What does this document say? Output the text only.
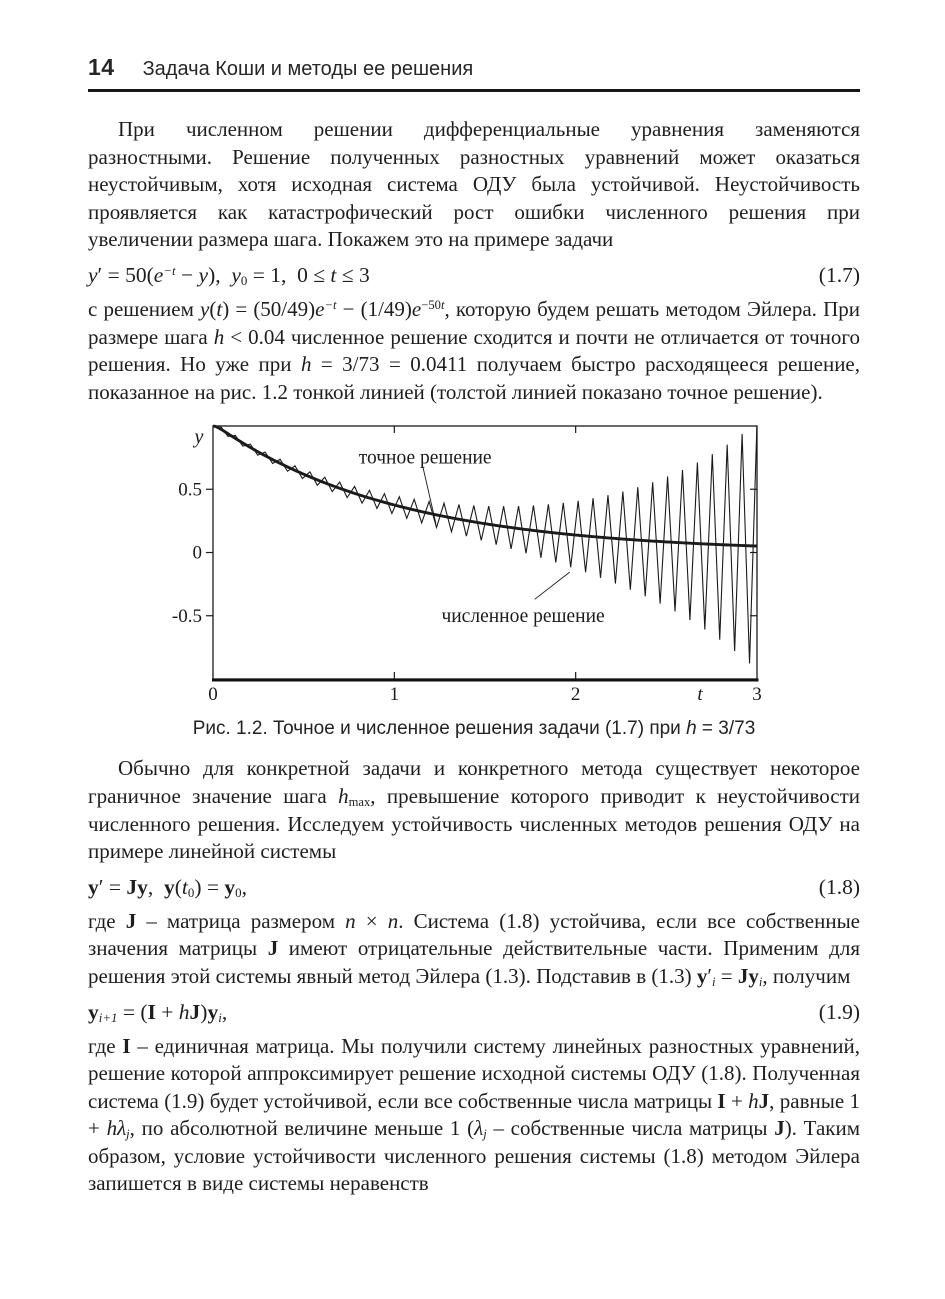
14 Задача Коши и методы ее решения

При численном решении дифференциальные уравнения заменяются разностными. Решение полученных разностных уравнений может оказаться неустойчивым, хотя исходная система ОДУ была устойчивой. Неустойчивость проявляется как катастрофический рост ошибки численного решения при увеличении размера шага. Покажем это на примере задачи

$y' = 50(e^{-t} - y)$,  $y_0 = 1$,  0 ≤ t ≤ 3	(1.7)

с решением $y(t) = (50/49)e^{-t} - (1/49)e^{-50t}$, которую будем решать методом Эйлера. При размере шага h < 0.04 численное решение сходится и почти не отличается от точного решения. Но уже при h = 3/73 = 0.0411 получаем быстро расходящееся решение, показанное на рис. 1.2 тонкой линией (толстой линией показано точное решение).

0	1	2	3
0.5
0
-0.5
y
t
точное решение
численное решение
Рис. 1.2. Точное и численное решения задачи (1.7) при h = 3/73

Обычно для конкретной задачи и конкретного метода существует некоторое граничное значение шага $h_{max}$, превышение которого приводит к неустойчивости численного решения. Исследуем устойчивость численных методов решения ОДУ на примере линейной системы

y′ = Jy,  $y(t_0) = y_0$,	(1.8)

где J – матрица размером n × n. Система (1.8) устойчива, если все собственные значения матрицы J имеют отрицательные действительные части. Применим для решения этой системы явный метод Эйлера (1.3). Подставив в (1.3) $y'_i = Jy_i$, получим

$y_{i+1} = (I + hJ)y_i$,	(1.9)

где I – единичная матрица. Мы получили систему линейных разностных уравнений, решение которой аппроксимирует решение исходной системы ОДУ (1.8). Полученная система (1.9) будет устойчивой, если все собственные числа матрицы I + hJ, равные $1 + h\lambda_j$, по абсолютной величине меньше 1 ($\lambda_j$ – собственные числа матрицы J). Таким образом, условие устойчивости численного решения системы (1.8) методом Эйлера запишется в виде системы неравенств
